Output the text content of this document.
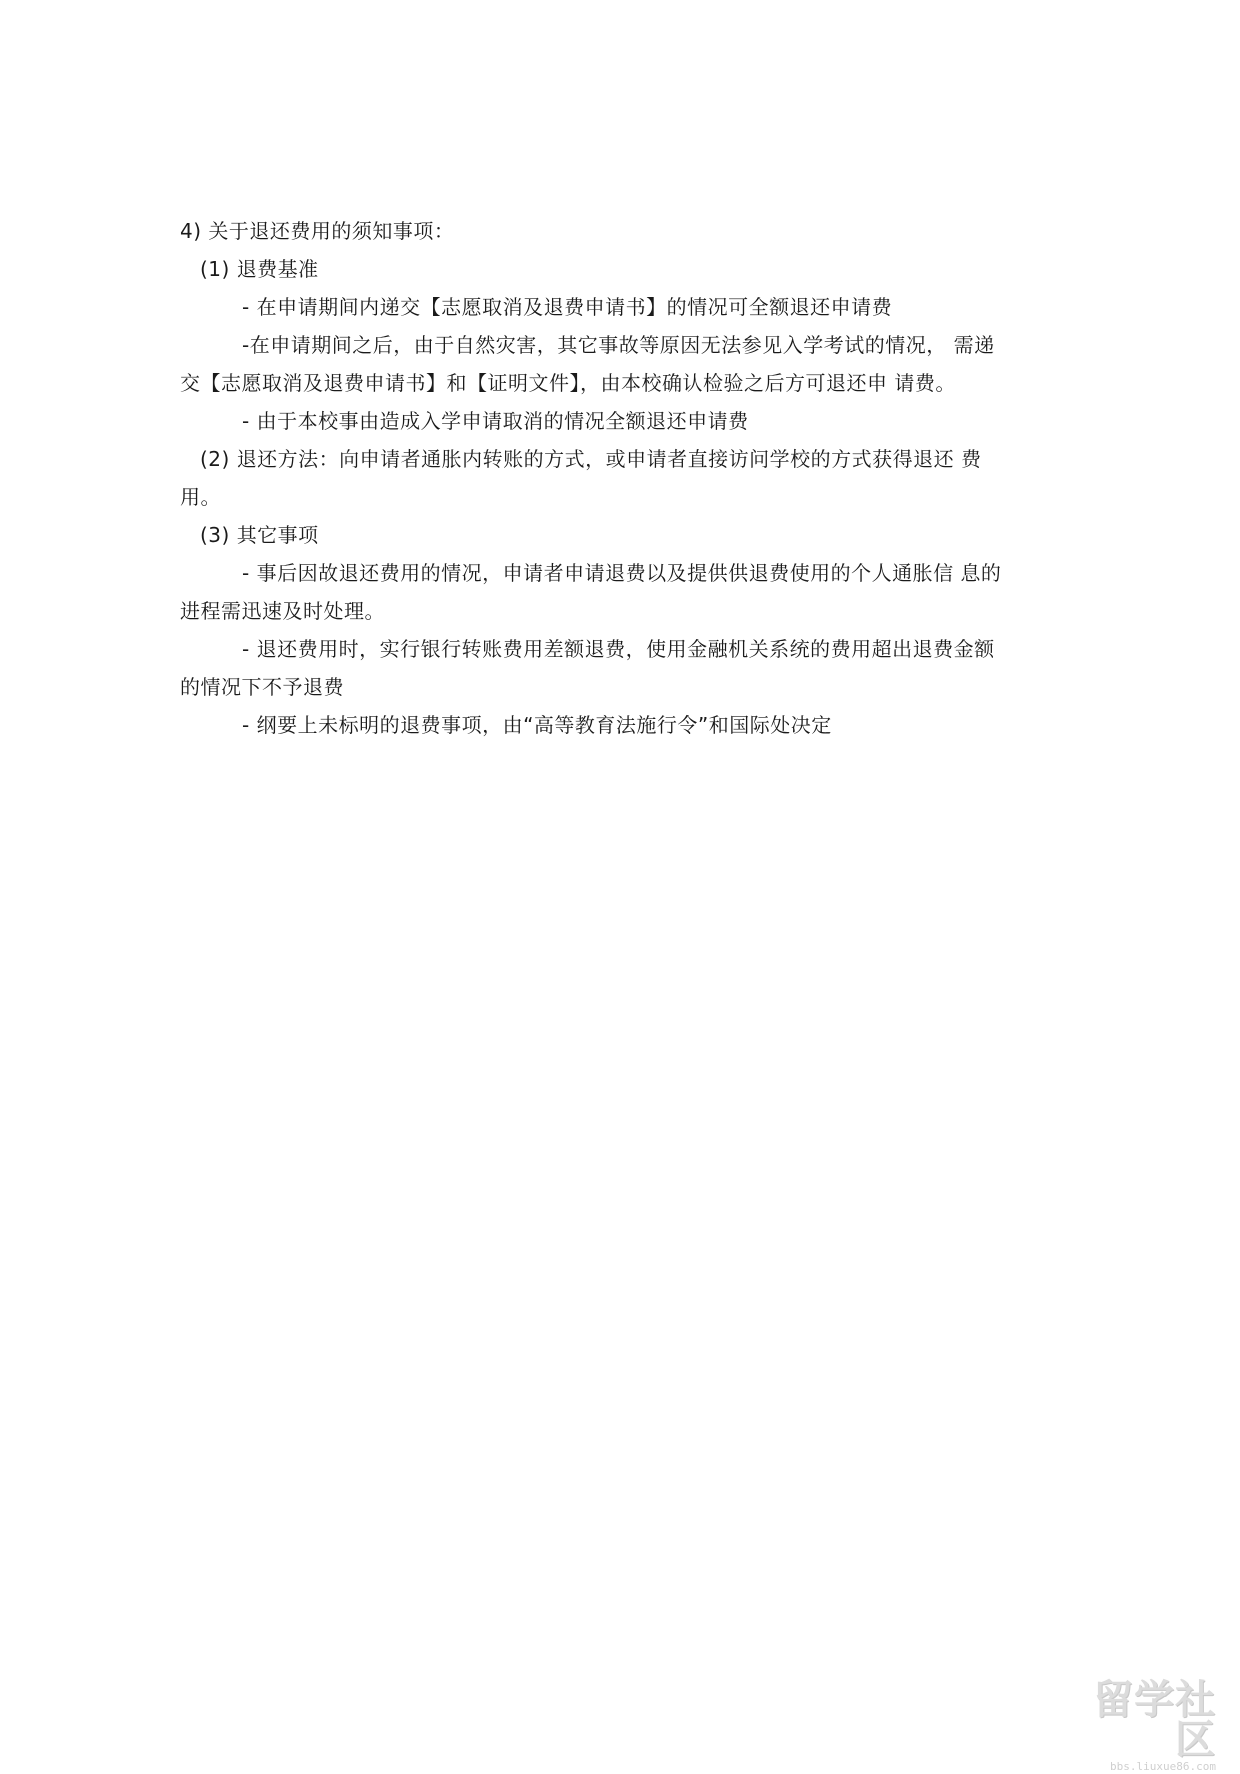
4) 关于退还费用的须知事项：

(1) 退费基准

- 在申请期间内递交【志愿取消及退费申请书】的情况可全额退还申请费

-在申请期间之后，由于自然灾害，其它事故等原因无法参见入学考试的情况， 需递

交【志愿取消及退费申请书】和【证明文件】，由本校确认检验之后方可退还申 请费。

- 由于本校事由造成入学申请取消的情况全额退还申请费

(2) 退还方法：向申请者通胀内转账的方式，或申请者直接访问学校的方式获得退还 费

用。

(3) 其它事项

- 事后因故退还费用的情况，申请者申请退费以及提供供退费使用的个人通胀信 息的

进程需迅速及时处理。

- 退还费用时，实行银行转账费用差额退费，使用金融机关系统的费用超出退费金额

的情况下不予退费

- 纲要上未标明的退费事项，由“高等教育法施行令”和国际处决定

留学社区
bbs.liuxue86.com
